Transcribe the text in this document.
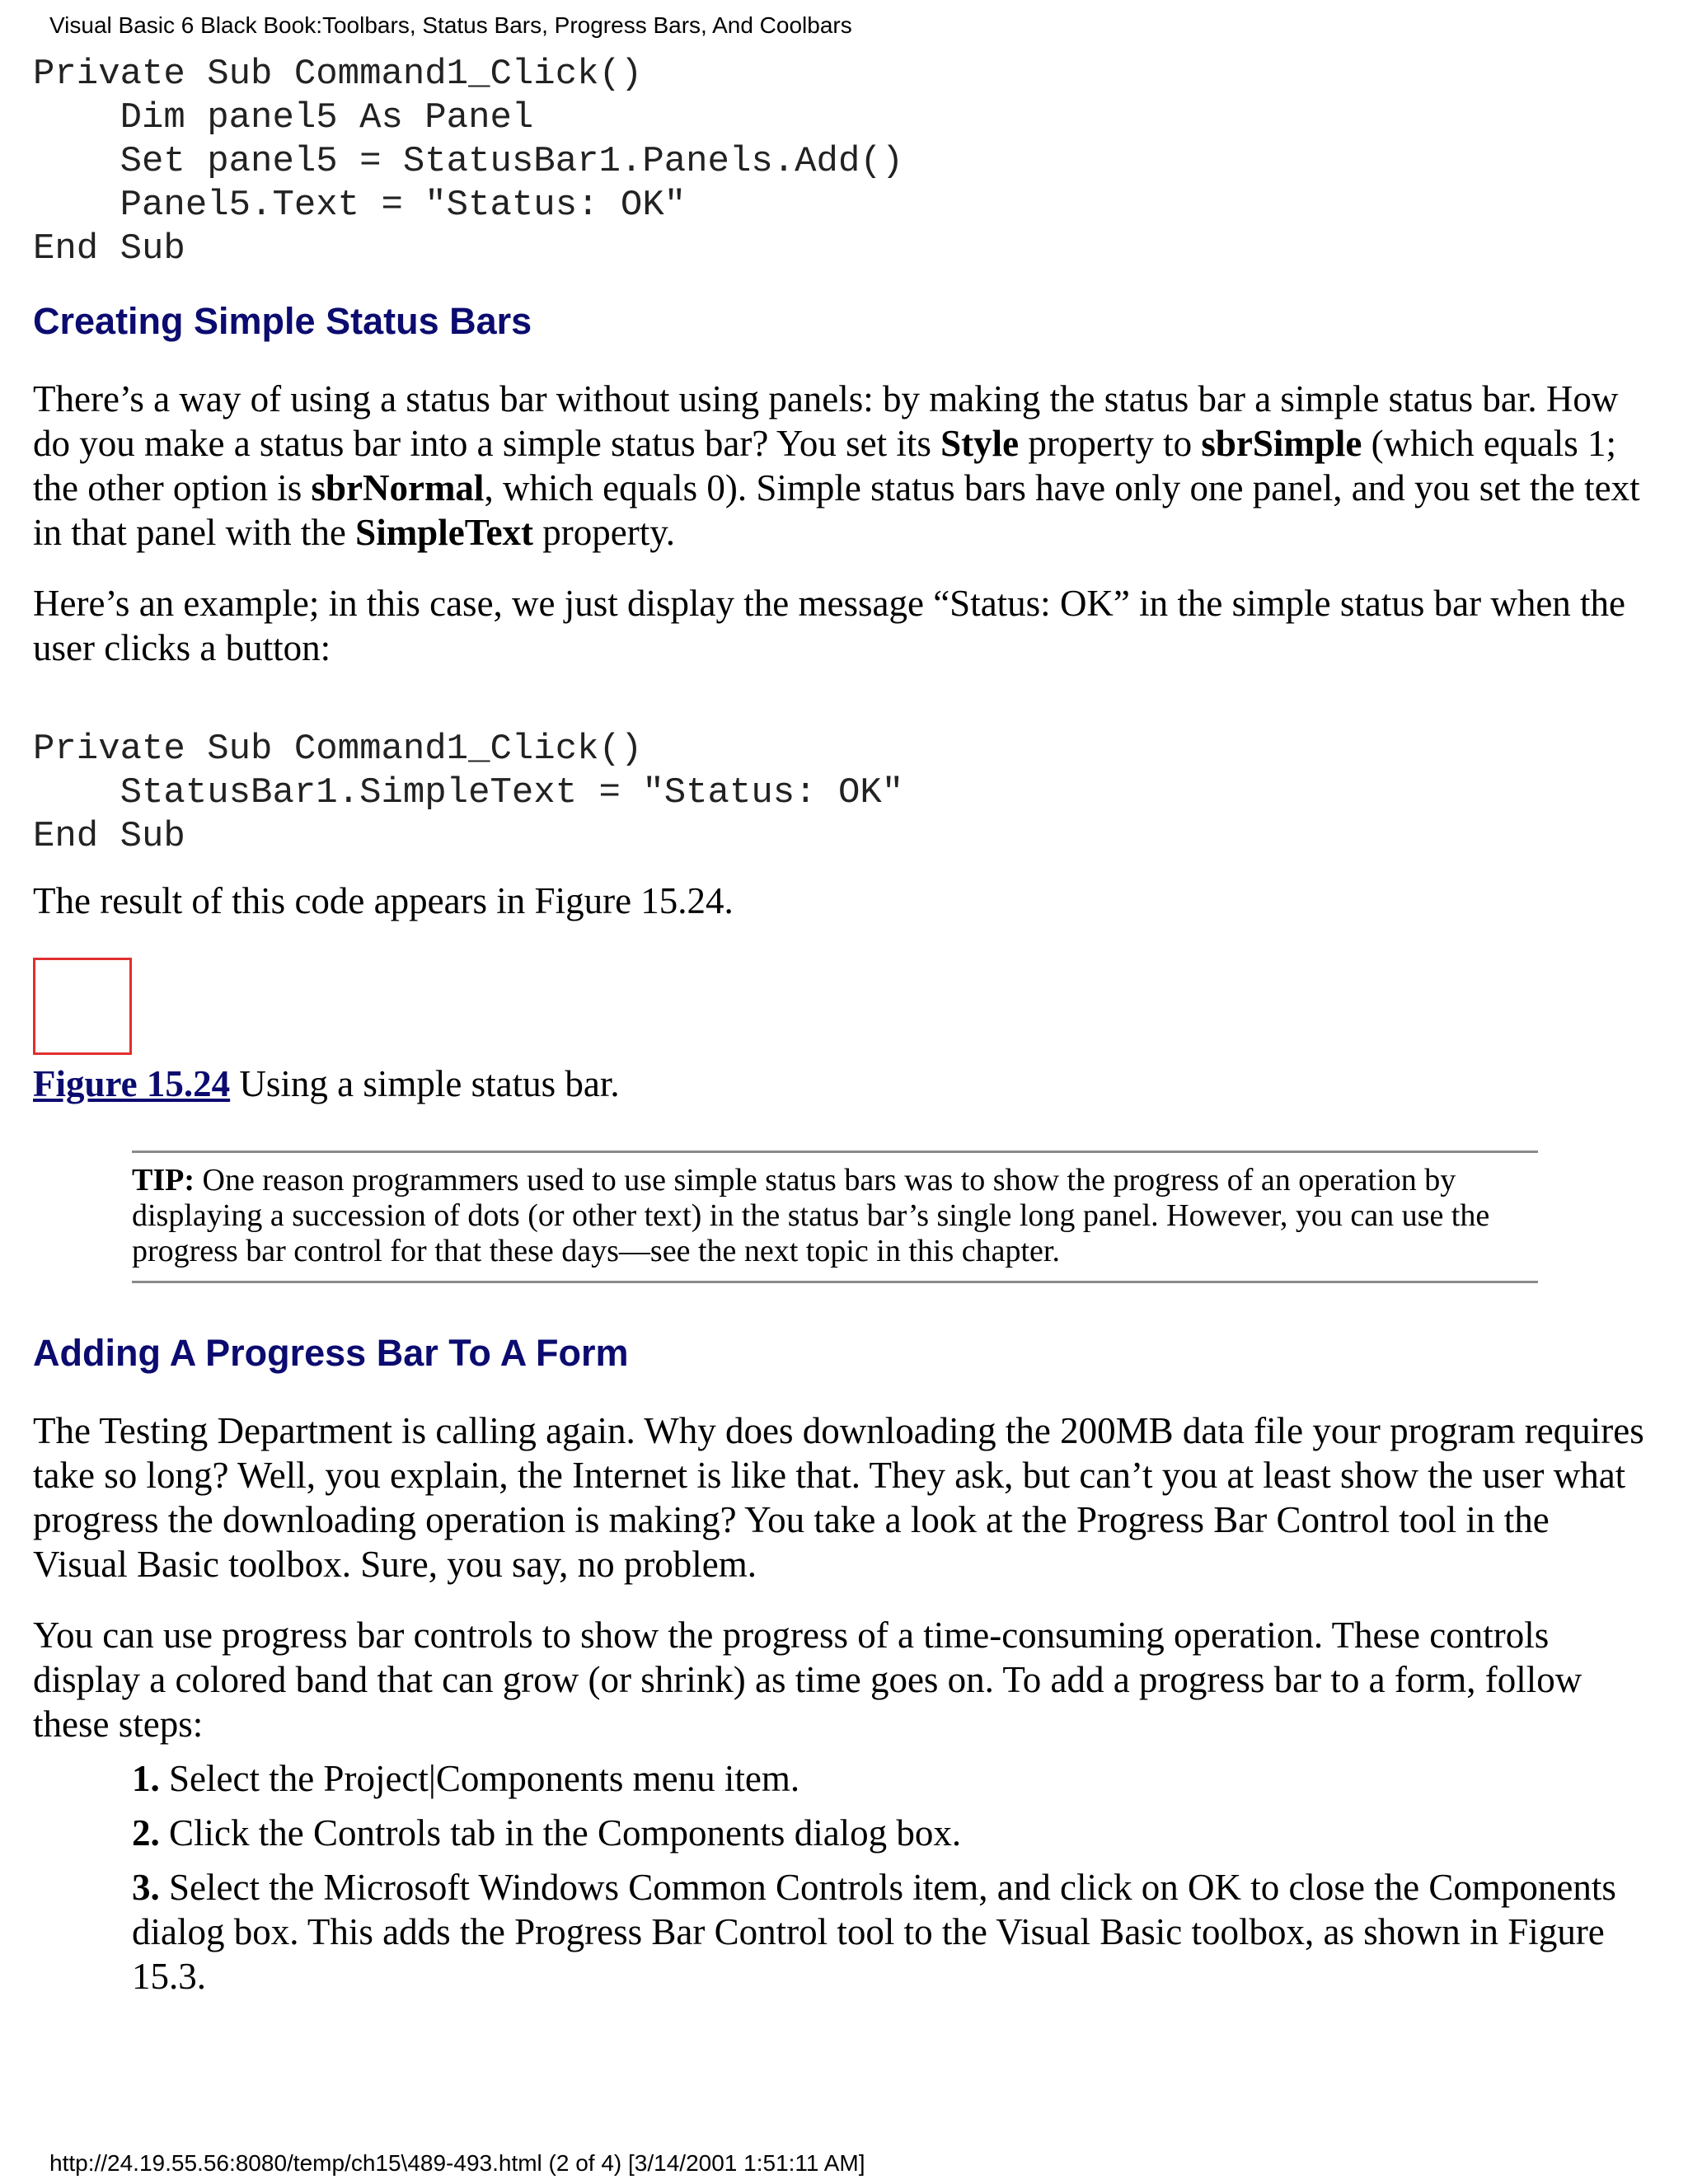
Visual Basic 6 Black Book:Toolbars, Status Bars, Progress Bars, And Coolbars
Private Sub Command1_Click()
Dim panel5 As Panel
Set panel5 = StatusBar1.Panels.Add()
Panel5.Text = "Status: OK"
End Sub
Creating Simple Status Bars

There’s a way of using a status bar without using panels: by making the status bar a simple status bar. How do you make a status bar into a simple status bar? You set its Style property to sbrSimple (which equals 1; the other option is sbrNormal, which equals 0). Simple status bars have only one panel, and you set the text in that panel with the SimpleText property.

Here’s an example; in this case, we just display the message “Status: OK” in the simple status bar when the user clicks a button:

Private Sub Command1_Click()
StatusBar1.SimpleText = "Status: OK"
End Sub

The result of this code appears in Figure 15.24.

Figure 15.24 Using a simple status bar.
TIP: One reason programmers used to use simple status bars was to show the progress of an operation by displaying a succession of dots (or other text) in the status bar’s single long panel. However, you can use the progress bar control for that these days—see the next topic in this chapter.
Adding A Progress Bar To A Form

The Testing Department is calling again. Why does downloading the 200MB data file your program requires take so long? Well, you explain, the Internet is like that. They ask, but can’t you at least show the user what progress the downloading operation is making? You take a look at the Progress Bar Control tool in the Visual Basic toolbox. Sure, you say, no problem.

You can use progress bar controls to show the progress of a time-consuming operation. These controls display a colored band that can grow (or shrink) as time goes on. To add a progress bar to a form, follow these steps:

1. Select the Project|Components menu item.
2. Click the Controls tab in the Components dialog box.
3. Select the Microsoft Windows Common Controls item, and click on OK to close the Components dialog box. This adds the Progress Bar Control tool to the Visual Basic toolbox, as shown in Figure 15.3.
http://24.19.55.56:8080/temp/ch15\489-493.html (2 of 4) [3/14/2001 1:51:11 AM]
